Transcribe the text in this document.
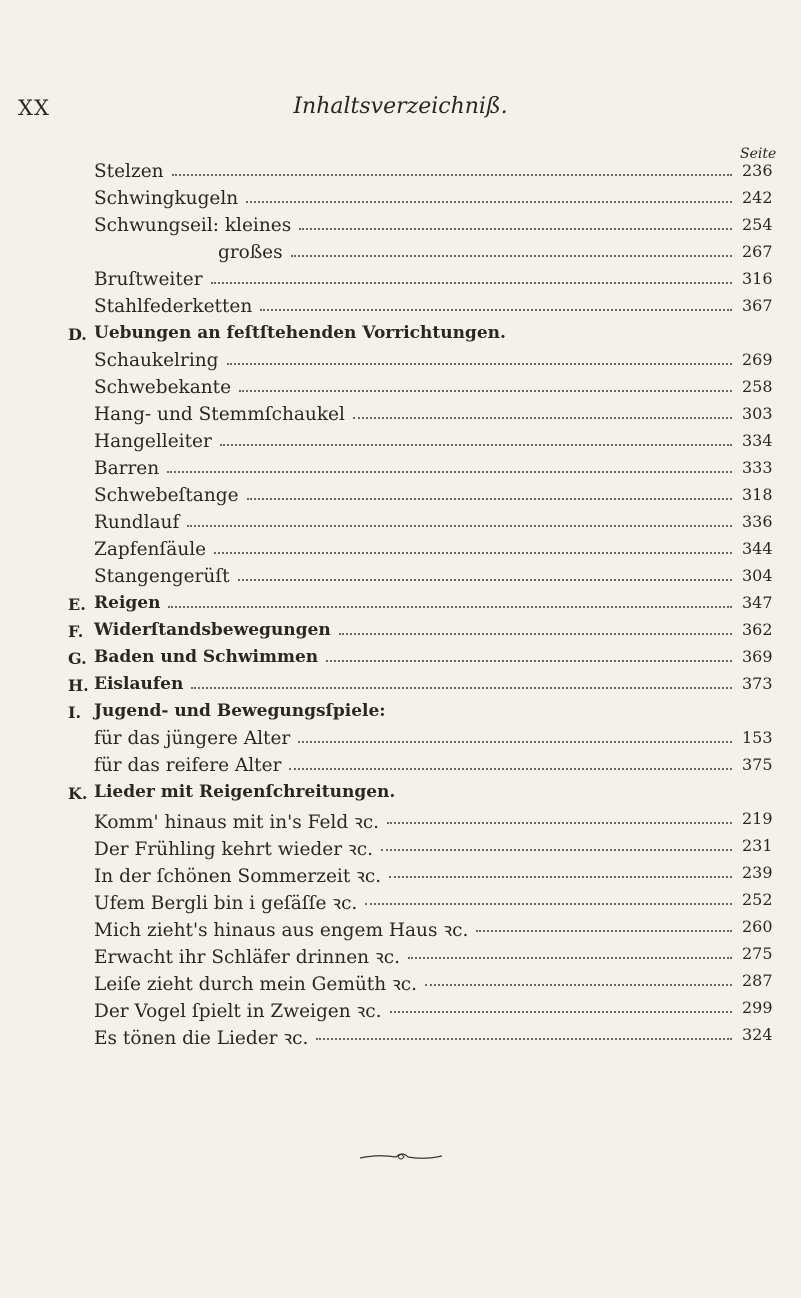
XX	Inhaltsverzeichniß.
Seite
Stelzen	236
Schwingkugeln	242
Schwungseil: kleines	254
großes	267
Bruſtweiter	316
Stahlfederketten	367
D. Uebungen an feſtſtehenden Vorrichtungen.
Schaukelring	269
Schwebekante	258
Hang- und Stemmſchaukel	303
Hangelleiter	334
Barren	333
Schwebeſtange	318
Rundlauf	336
Zapfenſäule	344
Stangengerüſt	304
E. Reigen	347
F. Widerſtandsbewegungen	362
G. Baden und Schwimmen	369
H. Eislaufen	373
I. Jugend- und Bewegungsſpiele:
für das jüngere Alter	153
für das reifere Alter	375
K. Lieder mit Reigenſchreitungen.
Komm' hinaus mit in's Feld ꝛc.	219
Der Frühling kehrt wieder ꝛc.	231
In der ſchönen Sommerzeit ꝛc.	239
Ufem Bergli bin i geſäſſe ꝛc.	252
Mich zieht's hinaus aus engem Haus ꝛc.	260
Erwacht ihr Schläfer drinnen ꝛc.	275
Leiſe zieht durch mein Gemüth ꝛc.	287
Der Vogel ſpielt in Zweigen ꝛc.	299
Es tönen die Lieder ꝛc.	324
